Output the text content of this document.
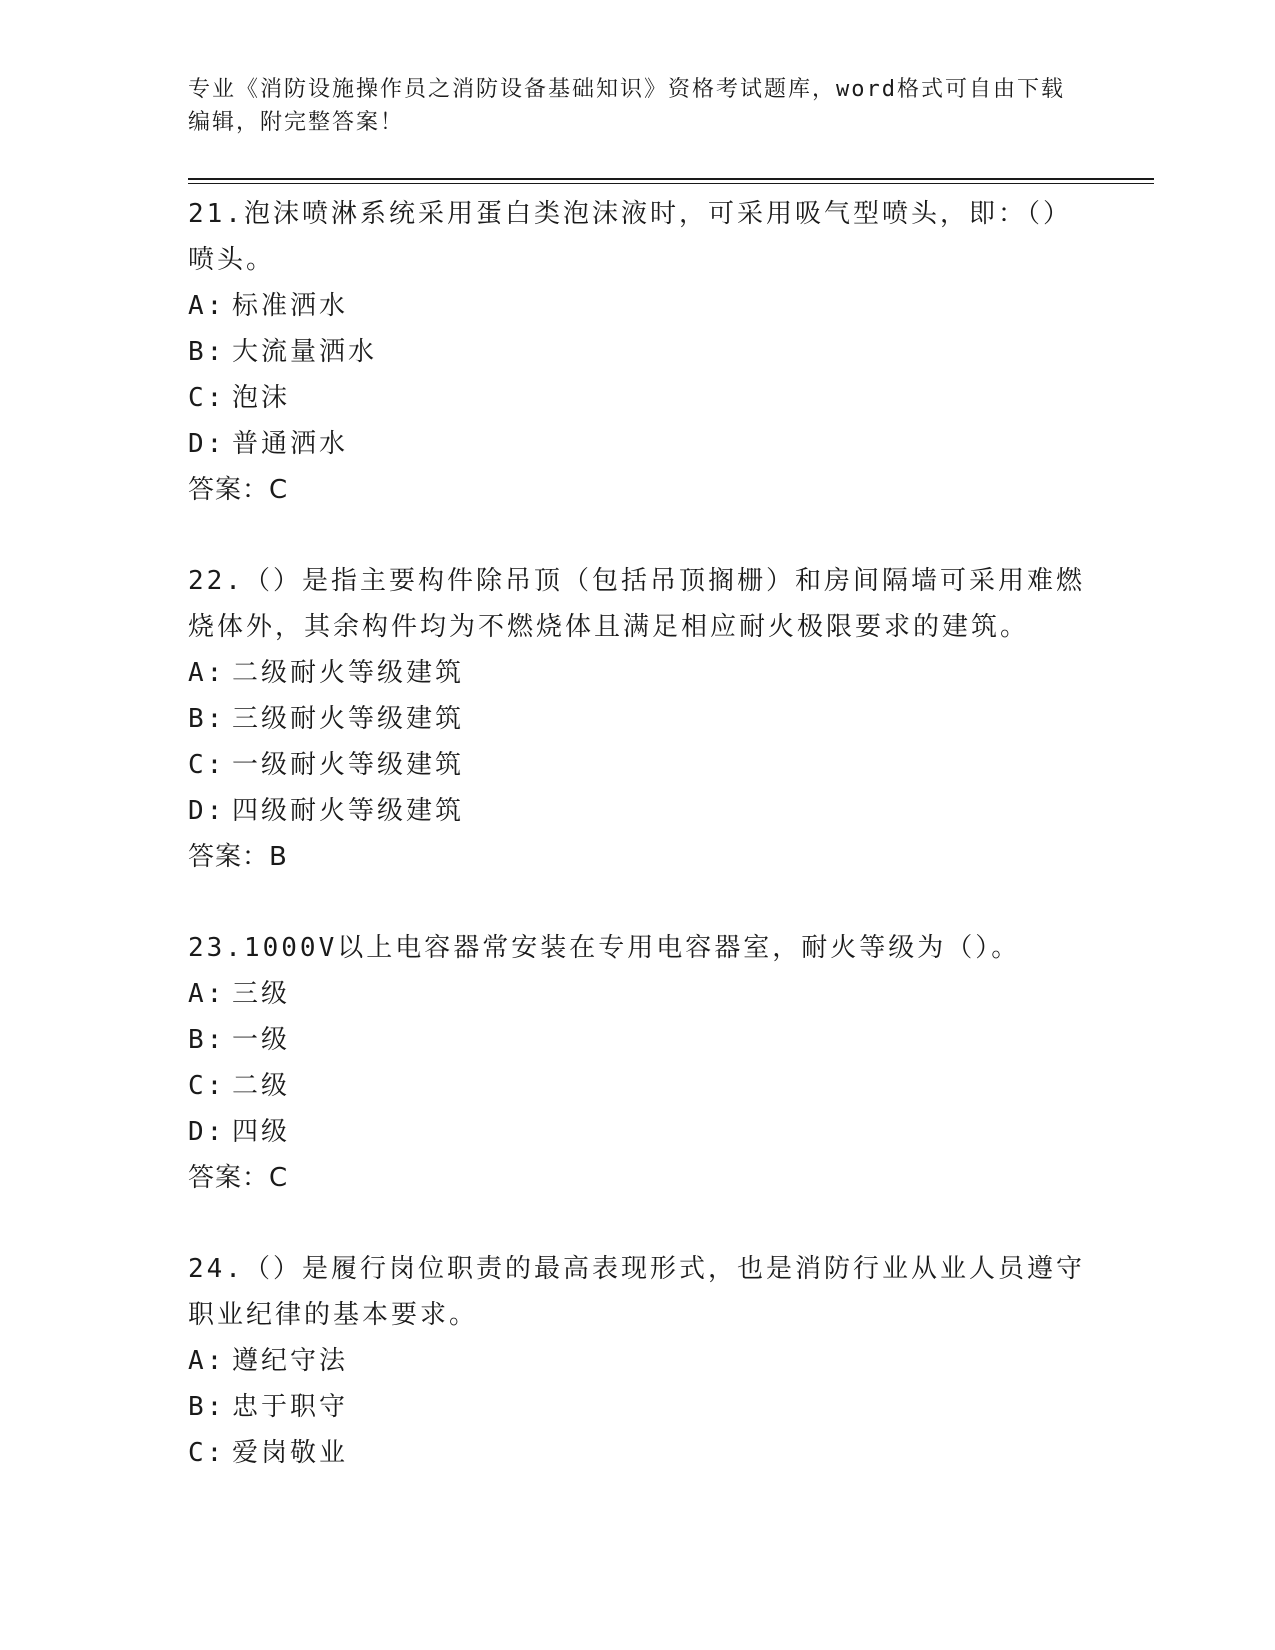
专业《消防设施操作员之消防设备基础知识》资格考试题库，word格式可自由下载编辑，附完整答案！
21.泡沫喷淋系统采用蛋白类泡沫液时，可采用吸气型喷头，即：（）喷头。
A: 标准洒水
B: 大流量洒水
C: 泡沫
D: 普通洒水
答案：C
22.（）是指主要构件除吊顶（包括吊顶搁栅）和房间隔墙可采用难燃烧体外，其余构件均为不燃烧体且满足相应耐火极限要求的建筑。
A: 二级耐火等级建筑
B: 三级耐火等级建筑
C: 一级耐火等级建筑
D: 四级耐火等级建筑
答案：B
23.1000V以上电容器常安装在专用电容器室，耐火等级为（）。
A: 三级
B: 一级
C: 二级
D: 四级
答案：C
24.（）是履行岗位职责的最高表现形式，也是消防行业从业人员遵守职业纪律的基本要求。
A: 遵纪守法
B: 忠于职守
C: 爱岗敬业
